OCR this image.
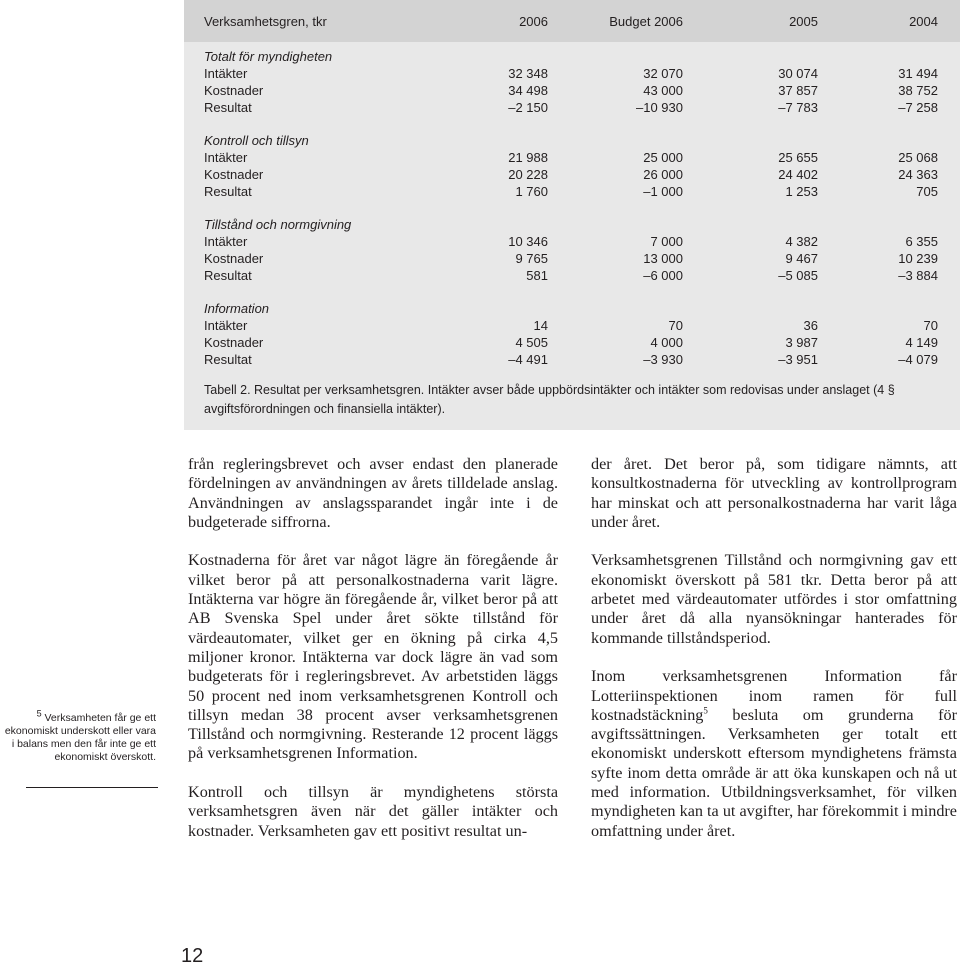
Verksamhetsgren, tkr	2006	Budget 2006	2005	2004
Totalt för myndigheten
Intäkter	32 348	32 070	30 074	31 494
Kostnader	34 498	43 000	37 857	38 752
Resultat	–2 150	–10 930	–7 783	–7 258
Kontroll och tillsyn
Intäkter	21 988	25 000	25 655	25 068
Kostnader	20 228	26 000	24 402	24 363
Resultat	1 760	–1 000	1 253	705
Tillstånd och normgivning
Intäkter	10 346	7 000	4 382	6 355
Kostnader	9 765	13 000	9 467	10 239
Resultat	581	–6 000	–5 085	–3 884
Information
Intäkter	14	70	36	70
Kostnader	4 505	4 000	3 987	4 149
Resultat	–4 491	–3 930	–3 951	–4 079
Tabell 2. Resultat per verksamhetsgren. Intäkter avser både uppbördsintäkter och intäkter som redovisas under anslaget (4 § avgiftsförordningen och finansiella intäkter).

från regleringsbrevet och avser endast den planerade fördelningen av användningen av årets tilldelade anslag. Användningen av anslagssparandet ingår inte i de budgeterade siffrorna.

Kostnaderna för året var något lägre än föregående år vilket beror på att personalkostnaderna varit lägre. Intäkterna var högre än föregående år, vilket beror på att AB Svenska Spel under året sökte tillstånd för värdeautomater, vilket ger en ökning på cirka 4,5 miljoner kronor. Intäkterna var dock lägre än vad som budgeterats för i regleringsbrevet. Av arbetstiden läggs 50 procent ned inom verksamhetsgrenen Kontroll och tillsyn medan 38 procent avser verksamhetsgrenen Tillstånd och normgivning. Resterande 12 procent läggs på verksamhetsgrenen Information.

Kontroll och tillsyn är myndighetens största verksamhetsgren även när det gäller intäkter och kostnader. Verksamheten gav ett positivt resultat un-

der året. Det beror på, som tidigare nämnts, att konsultkostnaderna för utveckling av kontrollprogram har minskat och att personalkostnaderna har varit låga under året.

Verksamhetsgrenen Tillstånd och normgivning gav ett ekonomiskt överskott på 581 tkr. Detta beror på att arbetet med värdeautomater utfördes i stor omfattning under året då alla nyansökningar hanterades för kommande tillståndsperiod.

Inom verksamhetsgrenen Information får Lotteriinspektionen inom ramen för full kostnadstäckning$^5$ besluta om grunderna för avgiftssättningen. Verksamheten ger totalt ett ekonomiskt underskott eftersom myndighetens främsta syfte inom detta område är att öka kunskapen och nå ut med information. Utbildningsverksamhet, för vilken myndigheten kan ta ut avgifter, har förekommit i mindre omfattning under året.

$^5$ Verksamheten får ge ett ekonomiskt underskott eller vara i balans men den får inte ge ett ekonomiskt överskott.
12
